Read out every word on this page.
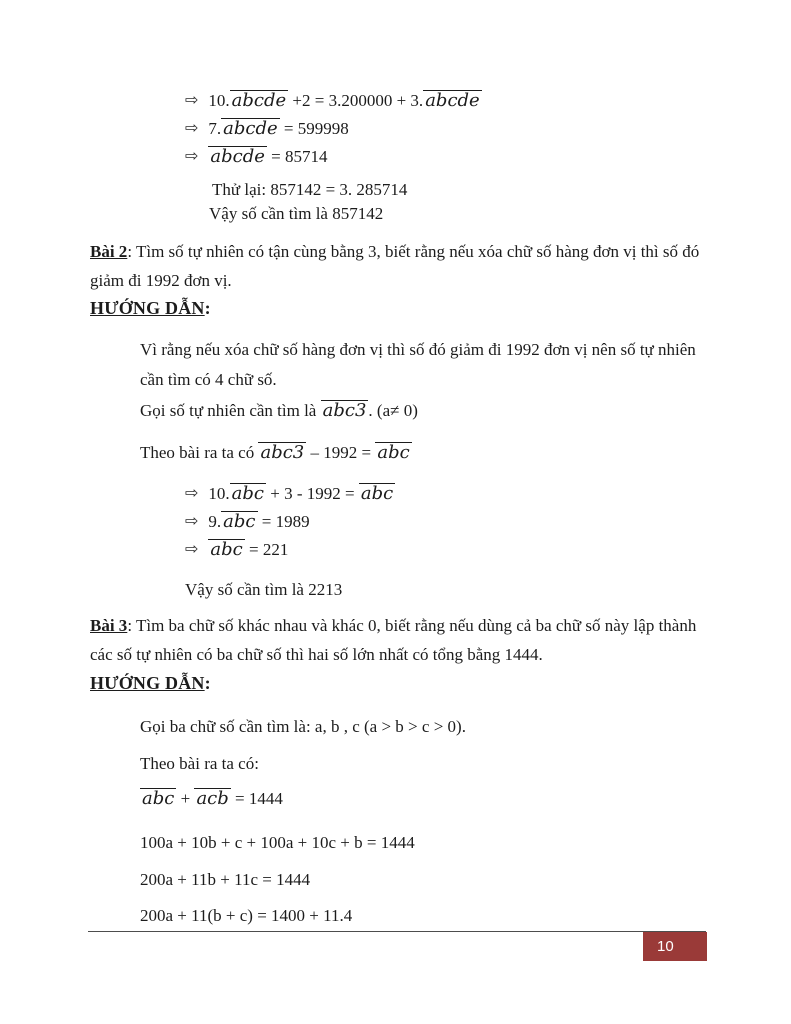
⇨ 10. abcde +2 = 3.200000 + 3. abcde
⇨ 7. abcde = 599998
⇨ abcde = 85714
Thử lại: 857142 = 3. 285714
Vậy số cần tìm là 857142
Bài 2: Tìm số tự nhiên có tận cùng bằng 3, biết rằng nếu xóa chữ số hàng đơn vị thì số đó giảm đi 1992 đơn vị.
HƯỚNG DẪN:
Vì rằng nếu xóa chữ số hàng đơn vị thì số đó giảm đi 1992 đơn vị nên số tự nhiên cần tìm có 4 chữ số.
Gọi số tự nhiên cần tìm là abc3 . (a≠ 0)
Theo bài ra ta có abc3 – 1992 = abc
⇨ 10. abc + 3 - 1992 = abc
⇨ 9. abc = 1989
⇨ abc = 221
Vậy số cần tìm là 2213
Bài 3: Tìm ba chữ số khác nhau và khác 0, biết rằng nếu dùng cả ba chữ số này lập thành các số tự nhiên có ba chữ số thì hai số lớn nhất có tổng bằng 1444.
HƯỚNG DẪN:
Gọi ba chữ số cần tìm là: a, b , c (a > b > c > 0).
Theo bài ra ta có:
abc + acb = 1444
100a + 10b + c + 100a + 10c + b = 1444
200a + 11b + 11c = 1444
200a + 11(b + c) = 1400 + 11.4
10
